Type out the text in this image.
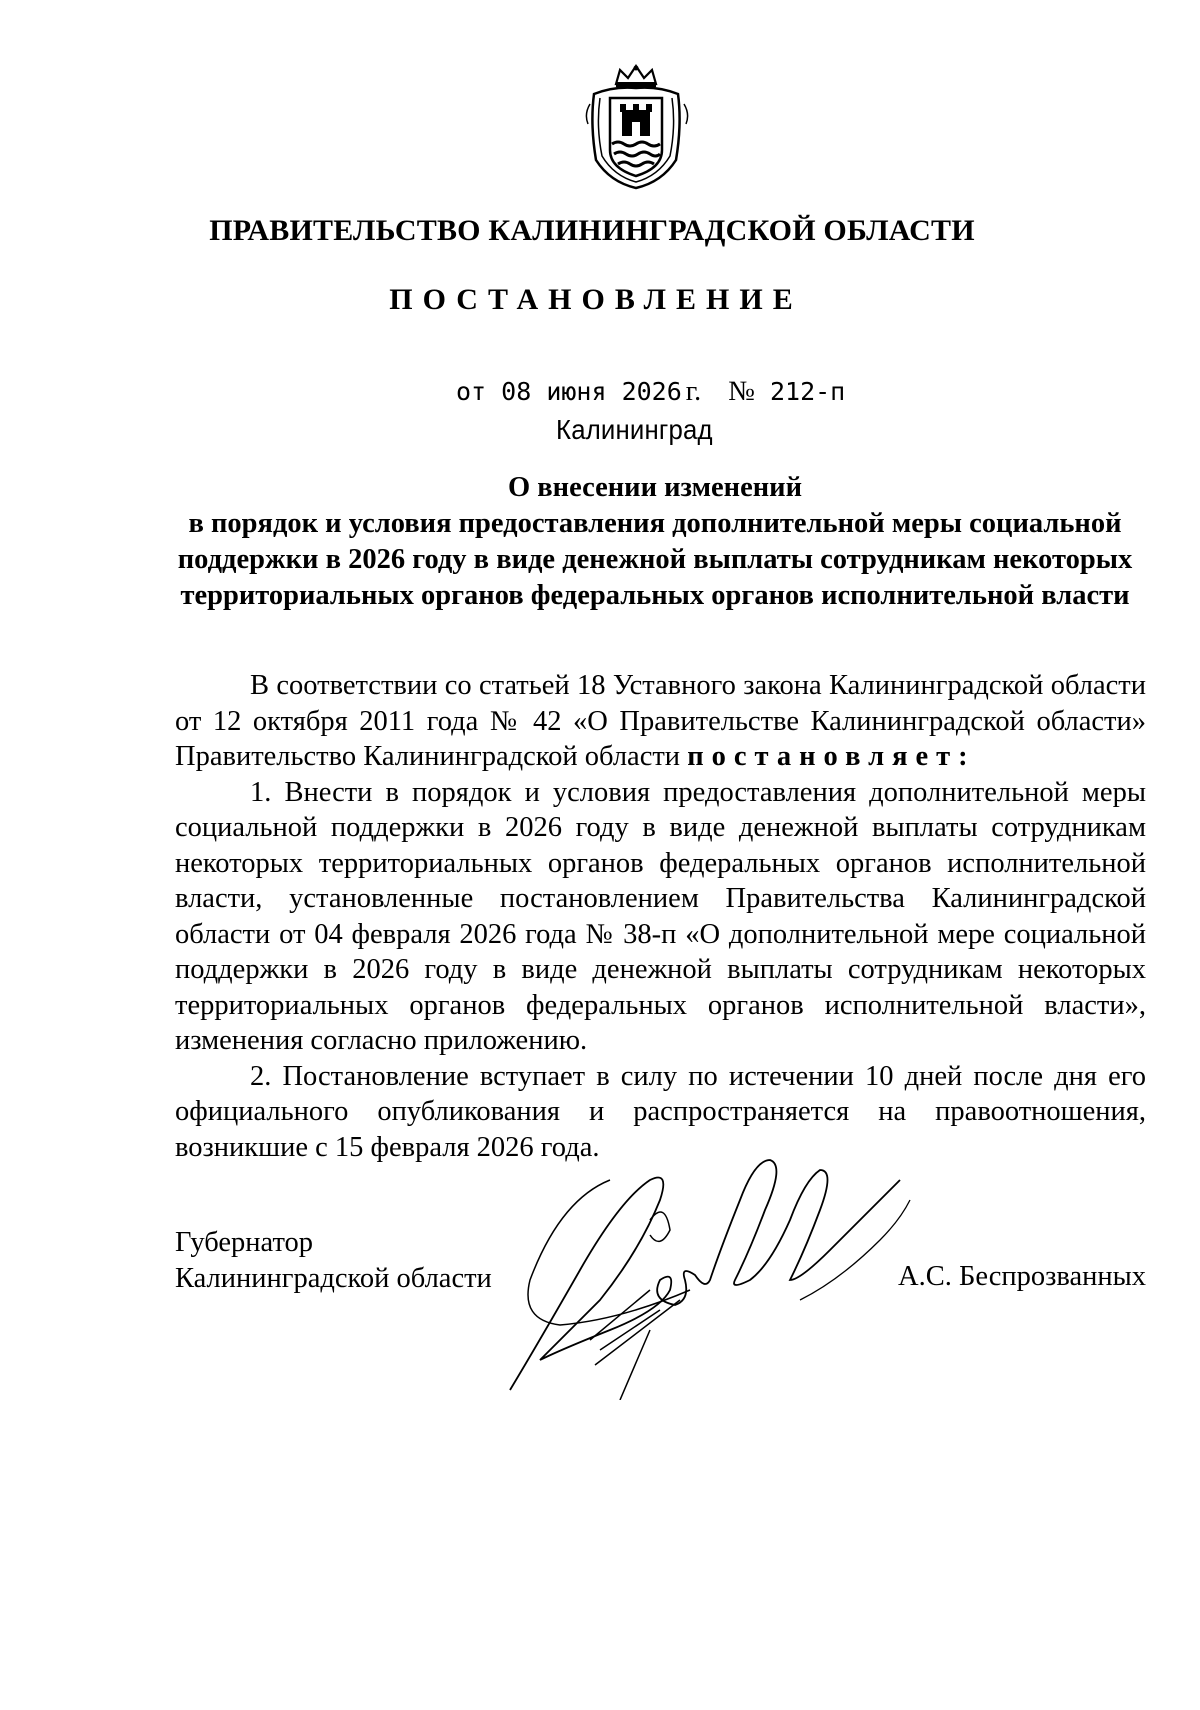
ПРАВИТЕЛЬСТВО КАЛИНИНГРАДСКОЙ ОБЛАСТИ
ПОСТАНОВЛЕНИЕ
от 08 июня 2026 г. № 212-п
Калининград
О внесении изменений
в порядок и условия предоставления дополнительной меры социальной
поддержки в 2026 году в виде денежной выплаты сотрудникам некоторых
территориальных органов федеральных органов исполнительной власти

В соответствии со статьей 18 Уставного закона Калининградской области от 12 октября 2011 года № 42 «О Правительстве Калининградской области» Правительство Калининградской области постановляет:

1. Внести в порядок и условия предоставления дополнительной меры социальной поддержки в 2026 году в виде денежной выплаты сотрудникам некоторых территориальных органов федеральных органов исполнительной власти, установленные постановлением Правительства Калининградской области от 04 февраля 2026 года № 38-п «О дополнительной мере социальной поддержки в 2026 году в виде денежной выплаты сотрудникам некоторых территориальных органов федеральных органов исполнительной власти», изменения согласно приложению.

2. Постановление вступает в силу по истечении 10 дней после дня его официального опубликования и распространяется на правоотношения, возникшие с 15 февраля 2026 года.

Губернатор
Калининградской области	А.С. Беспрозванных
